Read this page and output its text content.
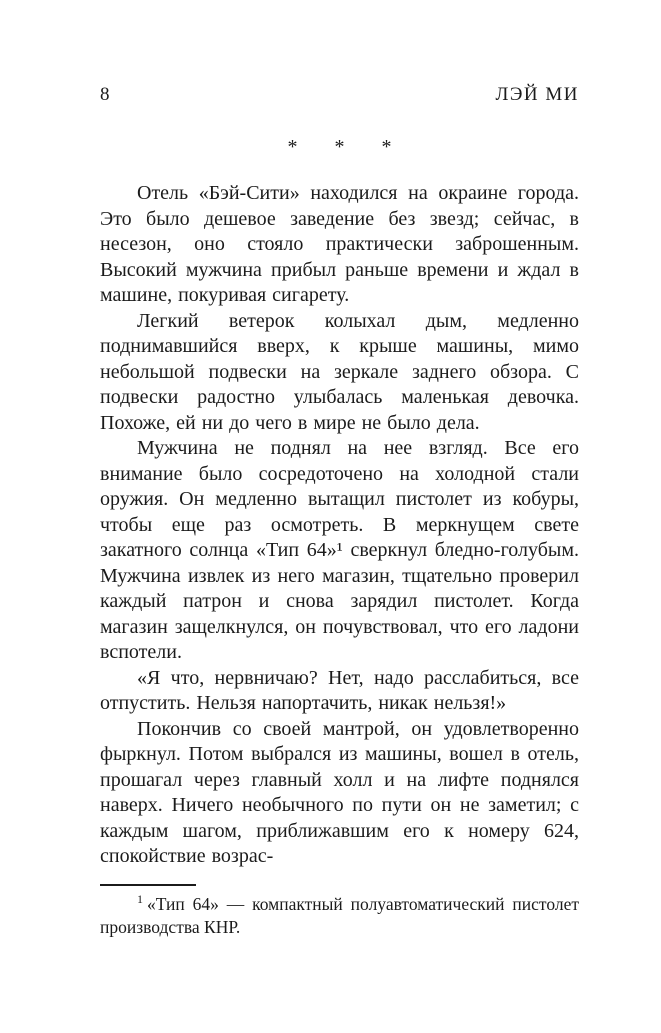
8	ЛЭЙ МИ
* * *

Отель «Бэй-Сити» находился на окраине города. Это было дешевое заведение без звезд; сейчас, в несезон, оно стояло практически заброшенным. Высокий мужчина прибыл раньше времени и ждал в машине, покуривая сигарету.

Легкий ветерок колыхал дым, медленно поднимавшийся вверх, к крыше машины, мимо небольшой подвески на зеркале заднего обзора. С подвески радостно улыбалась маленькая девочка. Похоже, ей ни до чего в мире не было дела.

Мужчина не поднял на нее взгляд. Все его внимание было сосредоточено на холодной стали оружия. Он медленно вытащил пистолет из кобуры, чтобы еще раз осмотреть. В меркнущем свете закатного солнца «Тип 64»¹ сверкнул бледно-голубым. Мужчина извлек из него магазин, тщательно проверил каждый патрон и снова зарядил пистолет. Когда магазин защелкнулся, он почувствовал, что его ладони вспотели.

«Я что, нервничаю? Нет, надо расслабиться, все отпустить. Нельзя напортачить, никак нельзя!»

Покончив со своей мантрой, он удовлетворенно фыркнул. Потом выбрался из машины, вошел в отель, прошагал через главный холл и на лифте поднялся наверх. Ничего необычного по пути он не заметил; с каждым шагом, приближавшим его к номеру 624, спокойствие возрас-

$^1$ «Тип 64» — компактный полуавтоматический пистолет производства КНР.
